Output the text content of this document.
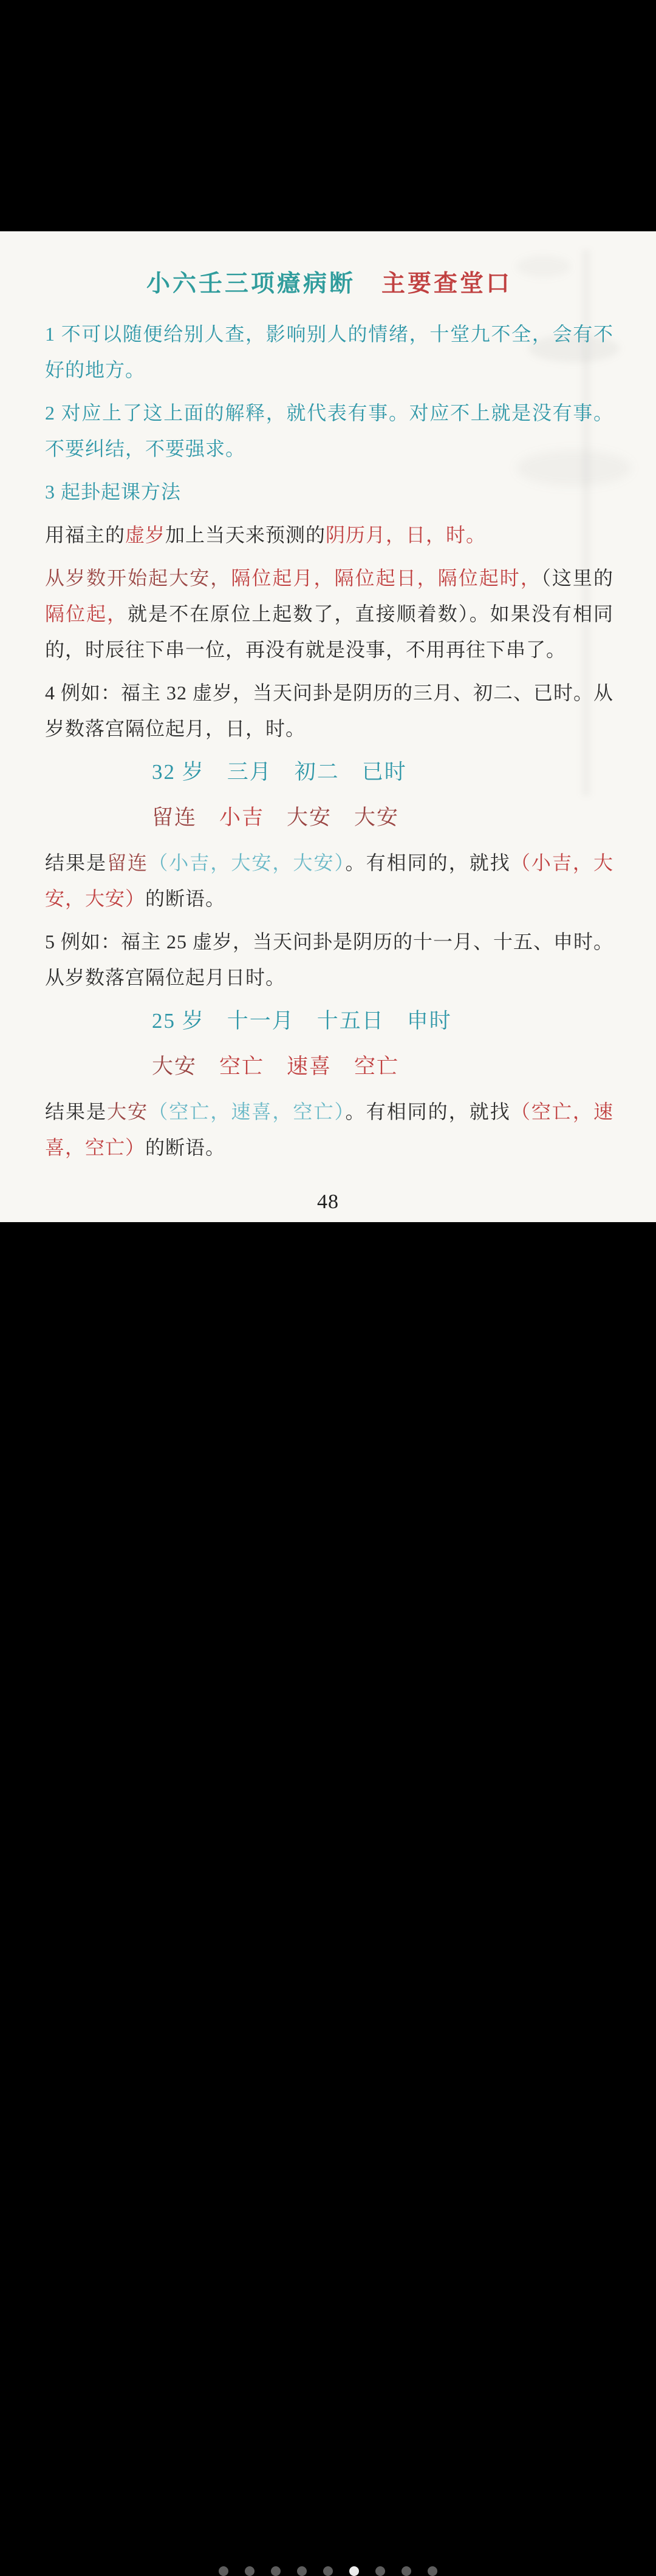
小六壬三项癔病断　主要查堂口

1 不可以随便给别人查，影响别人的情绪，十堂九不全，会有不好的地方。

2 对应上了这上面的解释，就代表有事。对应不上就是没有事。不要纠结，不要强求。

3 起卦起课方法

用福主的虚岁加上当天来预测的阴历月，日，时。

从岁数开始起大安，隔位起月，隔位起日，隔位起时，（这里的隔位起，就是不在原位上起数了，直接顺着数）。如果没有相同的，时辰往下串一位，再没有就是没事，不用再往下串了。

4 例如：福主 32 虚岁，当天问卦是阴历的三月、初二、已时。从岁数落宫隔位起月，日，时。

32 岁　三月　初二　已时

留连　小吉　大安　大安

结果是留连（小吉，大安，大安）。有相同的，就找（小吉，大安，大安）的断语。

5 例如：福主 25 虚岁，当天问卦是阴历的十一月、十五、申时。从岁数落宫隔位起月日时。

25 岁　十一月　十五日　申时

大安　空亡　速喜　空亡

结果是大安（空亡，速喜，空亡）。有相同的，就找（空亡，速喜，空亡）的断语。

48
